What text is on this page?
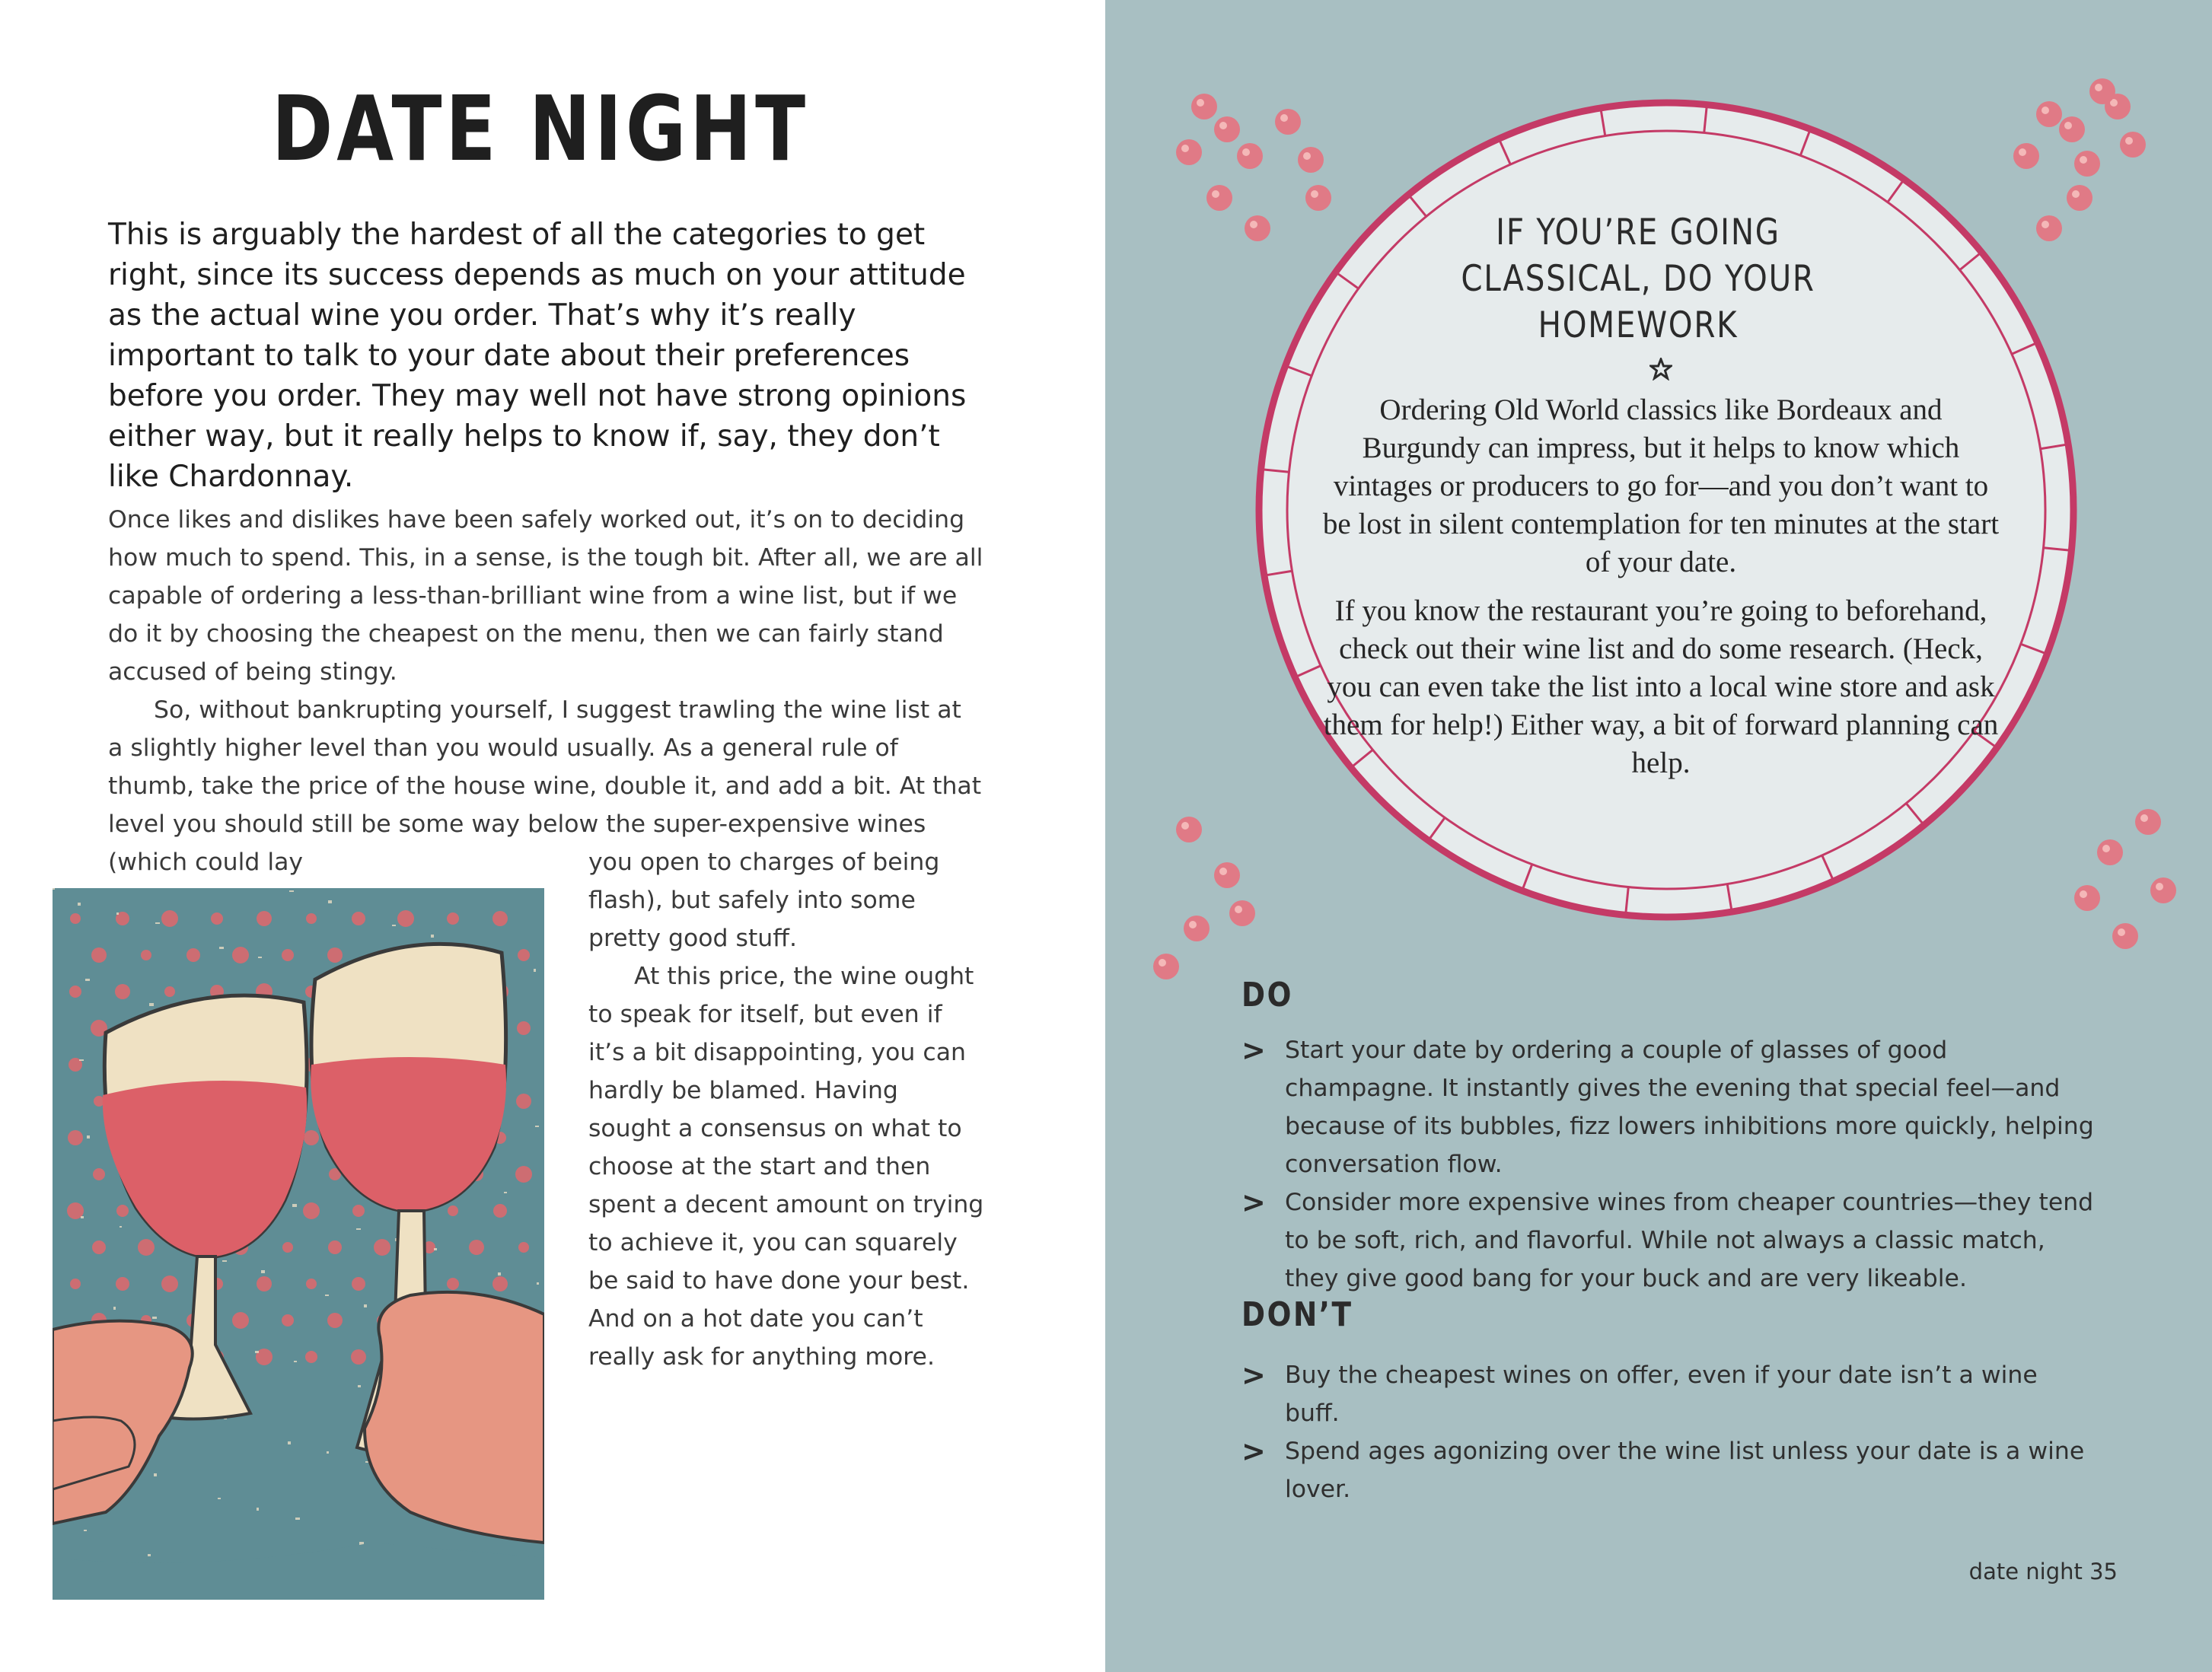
DATE NIGHT
This is arguably the hardest of all the categories to get right, since its success depends as much on your attitude as the actual wine you order. That’s why it’s really important to talk to your date about their preferences before you order. They may well not have strong opinions either way, but it really helps to know if, say, they don’t like Chardonnay.

Once likes and dislikes have been safely worked out, it’s on to deciding how much to spend. This, in a sense, is the tough bit. After all, we are all capable of ordering a less-than-brilliant wine from a wine list, but if we do it by choosing the cheapest on the menu, then we can fairly stand accused of being stingy.

So, without bankrupting yourself, I suggest trawling the wine list at a slightly higher level than you would usually. As a general rule of thumb, take the price of the house wine, double it, and add a bit. At that level you should still be some way below the super-expensive wines (which could lay	you open to charges of being flash), but safely into some pretty good stuff.

At this price, the wine ought to speak for itself, but even if it’s a bit disappointing, you can hardly be blamed. Having sought a consensus on what to choose at the start and then spent a decent amount on trying to achieve it, you can squarely be said to have done your best. And on a hot date you can’t really ask for anything more.

IF YOU’RE GOING
CLASSICAL, DO YOUR
HOMEWORK

Ordering Old World classics like Bordeaux and Burgundy can impress, but it helps to know which vintages or producers to go for—and you don’t want to be lost in silent contemplation for ten minutes at the start of your date.

If you know the restaurant you’re going to beforehand, check out their wine list and do some research. (Heck, you can even take the list into a local wine store and ask them for help!) Either way, a bit of forward planning can help.

DO
> Start your date by ordering a couple of glasses of good champagne. It instantly gives the evening that special feel—and because of its bubbles, fizz lowers inhibitions more quickly, helping conversation flow.
> Consider more expensive wines from cheaper countries—they tend to be soft, rich, and flavorful. While not always a classic match, they give good bang for your buck and are very likeable.
DON’T
> Buy the cheapest wines on offer, even if your date isn’t a wine buff.
> Spend ages agonizing over the wine list unless your date is a wine lover.
date night 35
